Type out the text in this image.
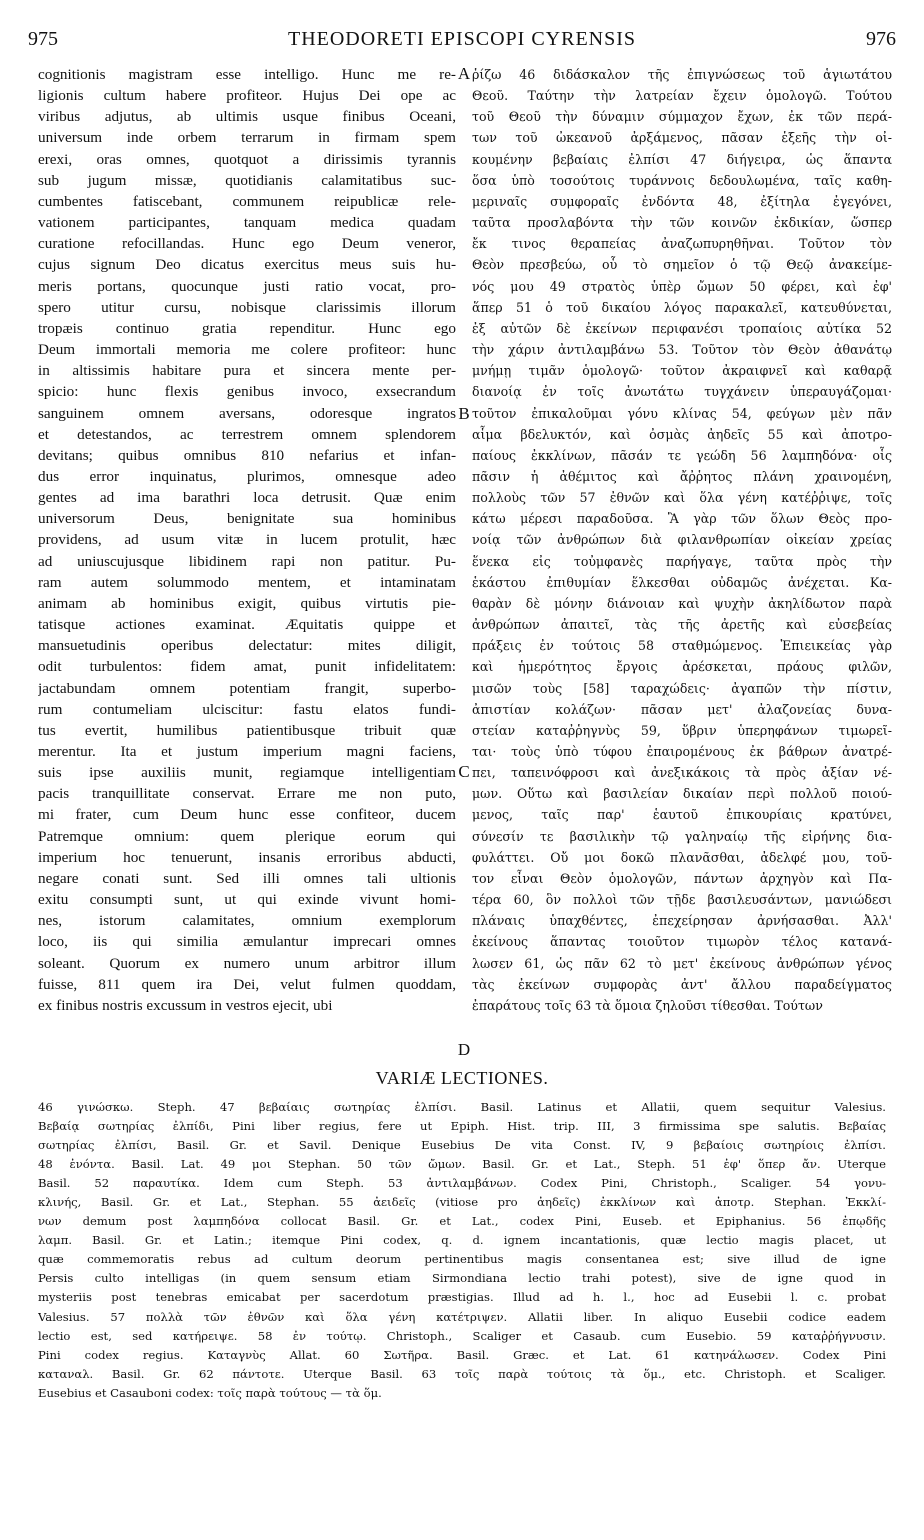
975	THEODORETI EPISCOPI CYRENSIS	976
cognitionis magistram esse intelligo. Hunc me re-
ligionis cultum habere profiteor. Hujus Dei ope ac
viribus adjutus, ab ultimis usque finibus Oceani,
universum inde orbem terrarum in firmam spem
erexi, oras omnes, quotquot a dirissimis tyrannis
sub jugum missæ, quotidianis calamitatibus suc-
cumbentes fatiscebant, communem reipublicæ rele-
vationem participantes, tanquam medica quadam
curatione refocillandas. Hunc ego Deum veneror,
cujus signum Deo dicatus exercitus meus suis hu-
meris portans, quocunque justi ratio vocat, pro-
spero utitur cursu, nobisque clarissimis illorum
tropæis continuo gratia rependitur. Hunc ego
Deum immortali memoria me colere profiteor: hunc
in altissimis habitare pura et sincera mente per-
spicio: hunc flexis genibus invoco, exsecrandum
sanguinem omnem aversans, odoresque ingratos
et detestandos, ac terrestrem omnem splendorem
devitans; quibus omnibus 810 nefarius et infan-
dus error inquinatus, plurimos, omnesque adeo
gentes ad ima barathri loca detrusit. Quæ enim
universorum Deus, benignitate sua hominibus
providens, ad usum vitæ in lucem protulit, hæc
ad uniuscujusque libidinem rapi non patitur. Pu-
ram autem solummodo mentem, et intaminatam
animam ab hominibus exigit, quibus virtutis pie-
tatisque actiones examinat. Æquitatis quippe et
mansuetudinis operibus delectatur: mites diligit,
odit turbulentos: fidem amat, punit infidelitatem:
jactabundam omnem potentiam frangit, superbo-
rum contumeliam ulciscitur: fastu elatos fundi-
tus evertit, humilibus patientibusque tribuit quæ
merentur. Ita et justum imperium magni faciens,
suis ipse auxiliis munit, regiamque intelligentiam
pacis tranquillitate conservat. Errare me non puto,
mi frater, cum Deum hunc esse confiteor, ducem
Patremque omnium: quem plerique eorum qui
imperium hoc tenuerunt, insanis erroribus abducti,
negare conati sunt. Sed illi omnes tali ultionis
exitu consumpti sunt, ut qui exinde vivunt homi-
nes, istorum calamitates, omnium exemplorum
loco, iis qui similia æmulantur imprecari omnes
soleant. Quorum ex numero unum arbitror illum
fuisse, 811 quem ira Dei, velut fulmen quoddam,
ex finibus nostris excussum in vestros ejecit, ubi
A
B
C
D
ῥίζω 46 διδάσκαλον τῆς ἐπιγνώσεως τοῦ ἁγιωτάτου
Θεοῦ. Ταύτην τὴν λατρείαν ἔχειν ὁμολογῶ. Τούτου
τοῦ Θεοῦ τὴν δύναμιν σύμμαχον ἔχων, ἐκ τῶν περά-
των τοῦ ὠκεανοῦ ἀρξάμενος, πᾶσαν ἑξεῆς τὴν οἰ-
κουμένην βεβαίαις ἐλπίσι 47 διήγειρα, ὡς ἅπαντα
ὅσα ὑπὸ τοσούτοις τυράννοις δεδουλωμένα, ταῖς καθη-
μεριναῖς συμφοραῖς ἐνδόντα 48, ἐξίτηλα ἐγεγόνει,
ταῦτα προσλαβόντα τὴν τῶν κοινῶν ἐκδικίαν, ὥσπερ
ἔκ τινος θεραπείας ἀναζωπυρηθῆναι. Τοῦτον τὸν
Θεὸν πρεσβεύω, οὗ τὸ σημεῖον ὁ τῷ Θεῷ ἀνακείμε-
νός μου 49 στρατὸς ὑπὲρ ὤμων 50 φέρει, καὶ ἐφ'
ἅπερ 51 ὁ τοῦ δικαίου λόγος παρακαλεῖ, κατευθύνεται,
ἐξ αὐτῶν δὲ ἐκείνων περιφανέσι τροπαίοις αὐτίκα 52
τὴν χάριν ἀντιλαμβάνω 53. Τοῦτον τὸν Θεὸν ἀθανάτῳ
μνήμῃ τιμᾶν ὁμολογῶ· τοῦτον ἀκραιφνεῖ καὶ καθαρᾷ
διανοίᾳ ἐν τοῖς ἀνωτάτω τυγχάνειν ὑπεραυγάζομαι·
τοῦτον ἐπικαλοῦμαι γόνυ κλίνας 54, φεύγων μὲν πᾶν
αἷμα βδελυκτόν, καὶ ὀσμὰς ἀηδεῖς 55 καὶ ἀποτρο-
παίους ἐκκλίνων, πᾶσάν τε γεώδη 56 λαμπηδόνα· οἷς
πᾶσιν ἡ ἀθέμιτος καὶ ἄῤῥητος πλάνη χραινομένη,
πολλοὺς τῶν 57 ἐθνῶν καὶ ὅλα γένη κατέῤῥιψε, τοῖς
κάτω μέρεσι παραδοῦσα. Ἃ γὰρ τῶν ὅλων Θεὸς προ-
νοίᾳ τῶν ἀνθρώπων διὰ φιλανθρωπίαν οἰκείαν χρείας
ἕνεκα εἰς τοὐμφανὲς παρήγαγε, ταῦτα πρὸς τὴν
ἑκάστου ἐπιθυμίαν ἕλκεσθαι οὐδαμῶς ἀνέχεται. Κα-
θαρὰν δὲ μόνην διάνοιαν καὶ ψυχὴν ἀκηλίδωτον παρὰ
ἀνθρώπων ἀπαιτεῖ, τὰς τῆς ἀρετῆς καὶ εὐσεβείας
πράξεις ἐν τούτοις 58 σταθμώμενος. Ἐπιεικείας γὰρ
καὶ ἡμερότητος ἔργοις ἀρέσκεται, πράους φιλῶν,
μισῶν τοὺς [58] ταραχώδεις· ἀγαπῶν τὴν πίστιν,
ἀπιστίαν κολάζων· πᾶσαν μετ' ἀλαζονείας δυνα-
στείαν καταῤῥηγνὺς 59, ὕβριν ὑπερηφάνων τιμωρεῖ-
ται· τοὺς ὑπὸ τύφου ἐπαιρομένους ἐκ βάθρων ἀνατρέ-
πει, ταπεινόφροσι καὶ ἀνεξικάκοις τὰ πρὸς ἀξίαν νέ-
μων. Οὕτω καὶ βασιλείαν δικαίαν περὶ πολλοῦ ποιού-
μενος, ταῖς παρ' ἑαυτοῦ ἐπικουρίαις κρατύνει,
σύνεσίν τε βασιλικὴν τῷ γαληναίῳ τῆς εἰρήνης δια-
φυλάττει. Οὔ μοι δοκῶ πλανᾶσθαι, ἀδελφέ μου, τοῦ-
τον εἶναι Θεὸν ὁμολογῶν, πάντων ἀρχηγὸν καὶ Πα-
τέρα 60, ὃν πολλοὶ τῶν τῇδε βασιλευσάντων, μανιώδεσι
πλάναις ὑπαχθέντες, ἐπεχείρησαν ἀρνήσασθαι. Ἀλλ'
ἐκείνους ἅπαντας τοιοῦτον τιμωρὸν τέλος κατανά-
λωσεν 61, ὡς πᾶν 62 τὸ μετ' ἐκείνους ἀνθρώπων γένος
τὰς ἐκείνων συμφορὰς ἀντ' ἄλλου παραδείγματος
ἐπαράτους τοῖς 63 τὰ ὅμοια ζηλοῦσι τίθεσθαι. Τούτων
VARIÆ LECTIONES.
46 γινώσκω. Steph. 47 βεβαίαις σωτηρίας ἐλπίσι. Basil. Latinus et Allatii, quem sequitur Valesius.
Βεβαίᾳ σωτηρίας ἐλπίδι, Pini liber regius, fere ut Epiph. Hist. trip. III, 3 firmissima spe salutis. Βεβαίας
σωτηρίας ἐλπίσι, Basil. Gr. et Savil. Denique Eusebius De vita Const. IV, 9 βεβαίοις σωτηρίοις ἐλπίσι.
48 ἐνόντα. Basil. Lat. 49 μοι Stephan. 50 τῶν ὤμων. Basil. Gr. et Lat., Steph. 51 ἐφ' ὅπερ ἄν. Uterque
Basil. 52 παραυτίκα. Idem cum Steph. 53 ἀντιλαμβάνων. Codex Pini, Christoph., Scaliger. 54 γονυ-
κλινής, Basil. Gr. et Lat., Stephan. 55 ἀειδεῖς (vitiose pro ἀηδεῖς) ἐκκλίνων καὶ ἀποτρ. Stephan. Ἐκκλί-
νων demum post λαμπηδόνα collocat Basil. Gr. et Lat., codex Pini, Euseb. et Epiphanius. 56 ἐπῳδῆς
λαμπ. Basil. Gr. et Latin.; itemque Pini codex, q. d. ignem incantationis, quæ lectio magis placet, ut
quæ commemoratis rebus ad cultum deorum pertinentibus magis consentanea est; sive illud de igne
Persis culto intelligas (in quem sensum etiam Sirmondiana lectio trahi potest), sive de igne quod in
mysteriis post tenebras emicabat per sacerdotum præstigias. Illud ad h. l., hoc ad Eusebii l. c. probat
Valesius. 57 πολλὰ τῶν ἐθνῶν καὶ ὅλα γένη κατέτριψεν. Allatii liber. In aliquo Eusebii codice eadem
lectio est, sed κατήρειψε. 58 ἐν τούτῳ. Christoph., Scaliger et Casaub. cum Eusebio. 59 καταῤῥήγνυσιν.
Pini codex regius. Καταγνὺς Allat. 60 Σωτῆρα. Basil. Græc. et Lat. 61 κατηνάλωσεν. Codex Pini
καταναλ. Basil. Gr. 62 πάντοτε. Uterque Basil. 63 τοῖς παρὰ τούτοις τὰ ὅμ., etc. Christoph. et Scaliger.
Eusebius et Casauboni codex: τοῖς παρὰ τούτους — τὰ ὅμ.
